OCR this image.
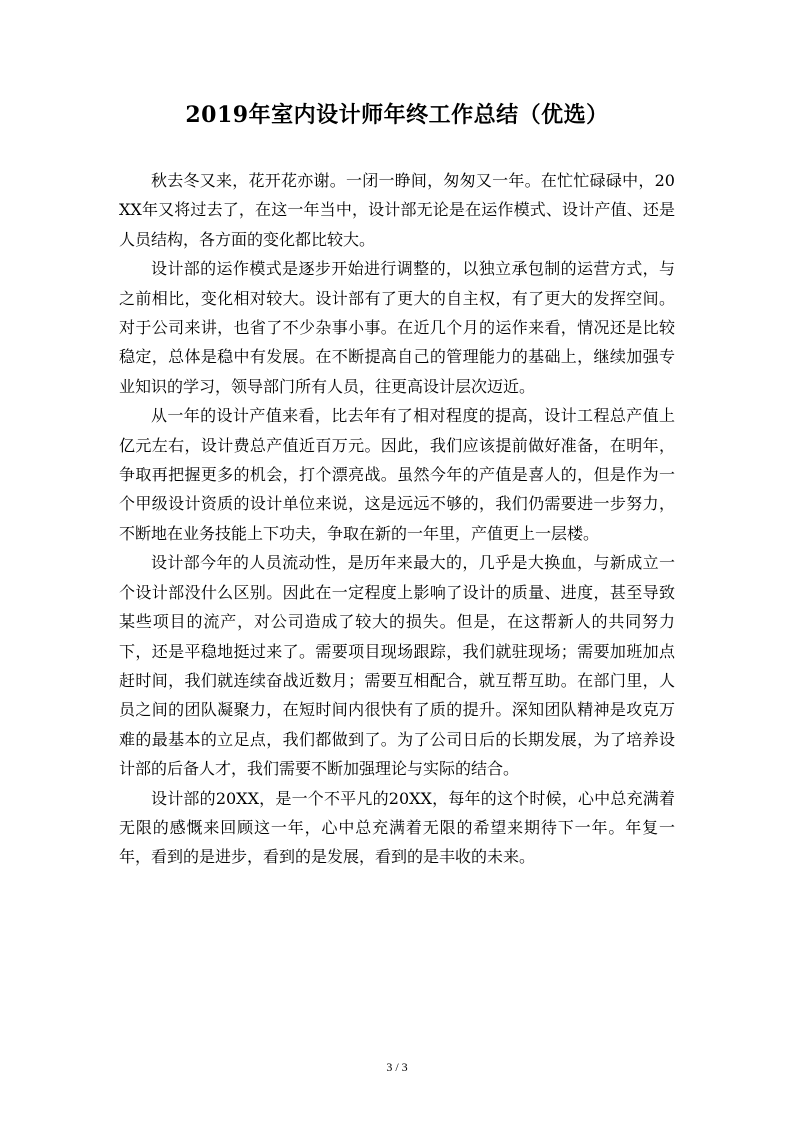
2019年室内设计师年终工作总结（优选）

秋去冬又来，花开花亦谢。一闭一睁间，匆匆又一年。在忙忙碌碌中，20XX年又将过去了，在这一年当中，设计部无论是在运作模式、设计产值、还是人员结构，各方面的变化都比较大。

设计部的运作模式是逐步开始进行调整的，以独立承包制的运营方式，与之前相比，变化相对较大。设计部有了更大的自主权，有了更大的发挥空间。对于公司来讲，也省了不少杂事小事。在近几个月的运作来看，情况还是比较稳定，总体是稳中有发展。在不断提高自己的管理能力的基础上，继续加强专业知识的学习，领导部门所有人员，往更高设计层次迈近。

从一年的设计产值来看，比去年有了相对程度的提高，设计工程总产值上亿元左右，设计费总产值近百万元。因此，我们应该提前做好准备，在明年，争取再把握更多的机会，打个漂亮战。虽然今年的产值是喜人的，但是作为一个甲级设计资质的设计单位来说，这是远远不够的，我们仍需要进一步努力，不断地在业务技能上下功夫，争取在新的一年里，产值更上一层楼。

设计部今年的人员流动性，是历年来最大的，几乎是大换血，与新成立一个设计部没什么区别。因此在一定程度上影响了设计的质量、进度，甚至导致某些项目的流产，对公司造成了较大的损失。但是，在这帮新人的共同努力下，还是平稳地挺过来了。需要项目现场跟踪，我们就驻现场；需要加班加点赶时间，我们就连续奋战近数月；需要互相配合，就互帮互助。在部门里，人员之间的团队凝聚力，在短时间内很快有了质的提升。深知团队精神是攻克万难的最基本的立足点，我们都做到了。为了公司日后的长期发展，为了培养设计部的后备人才，我们需要不断加强理论与实际的结合。

设计部的20XX，是一个不平凡的20XX，每年的这个时候，心中总充满着无限的感慨来回顾这一年，心中总充满着无限的希望来期待下一年。年复一年，看到的是进步，看到的是发展，看到的是丰收的未来。

3 / 3
